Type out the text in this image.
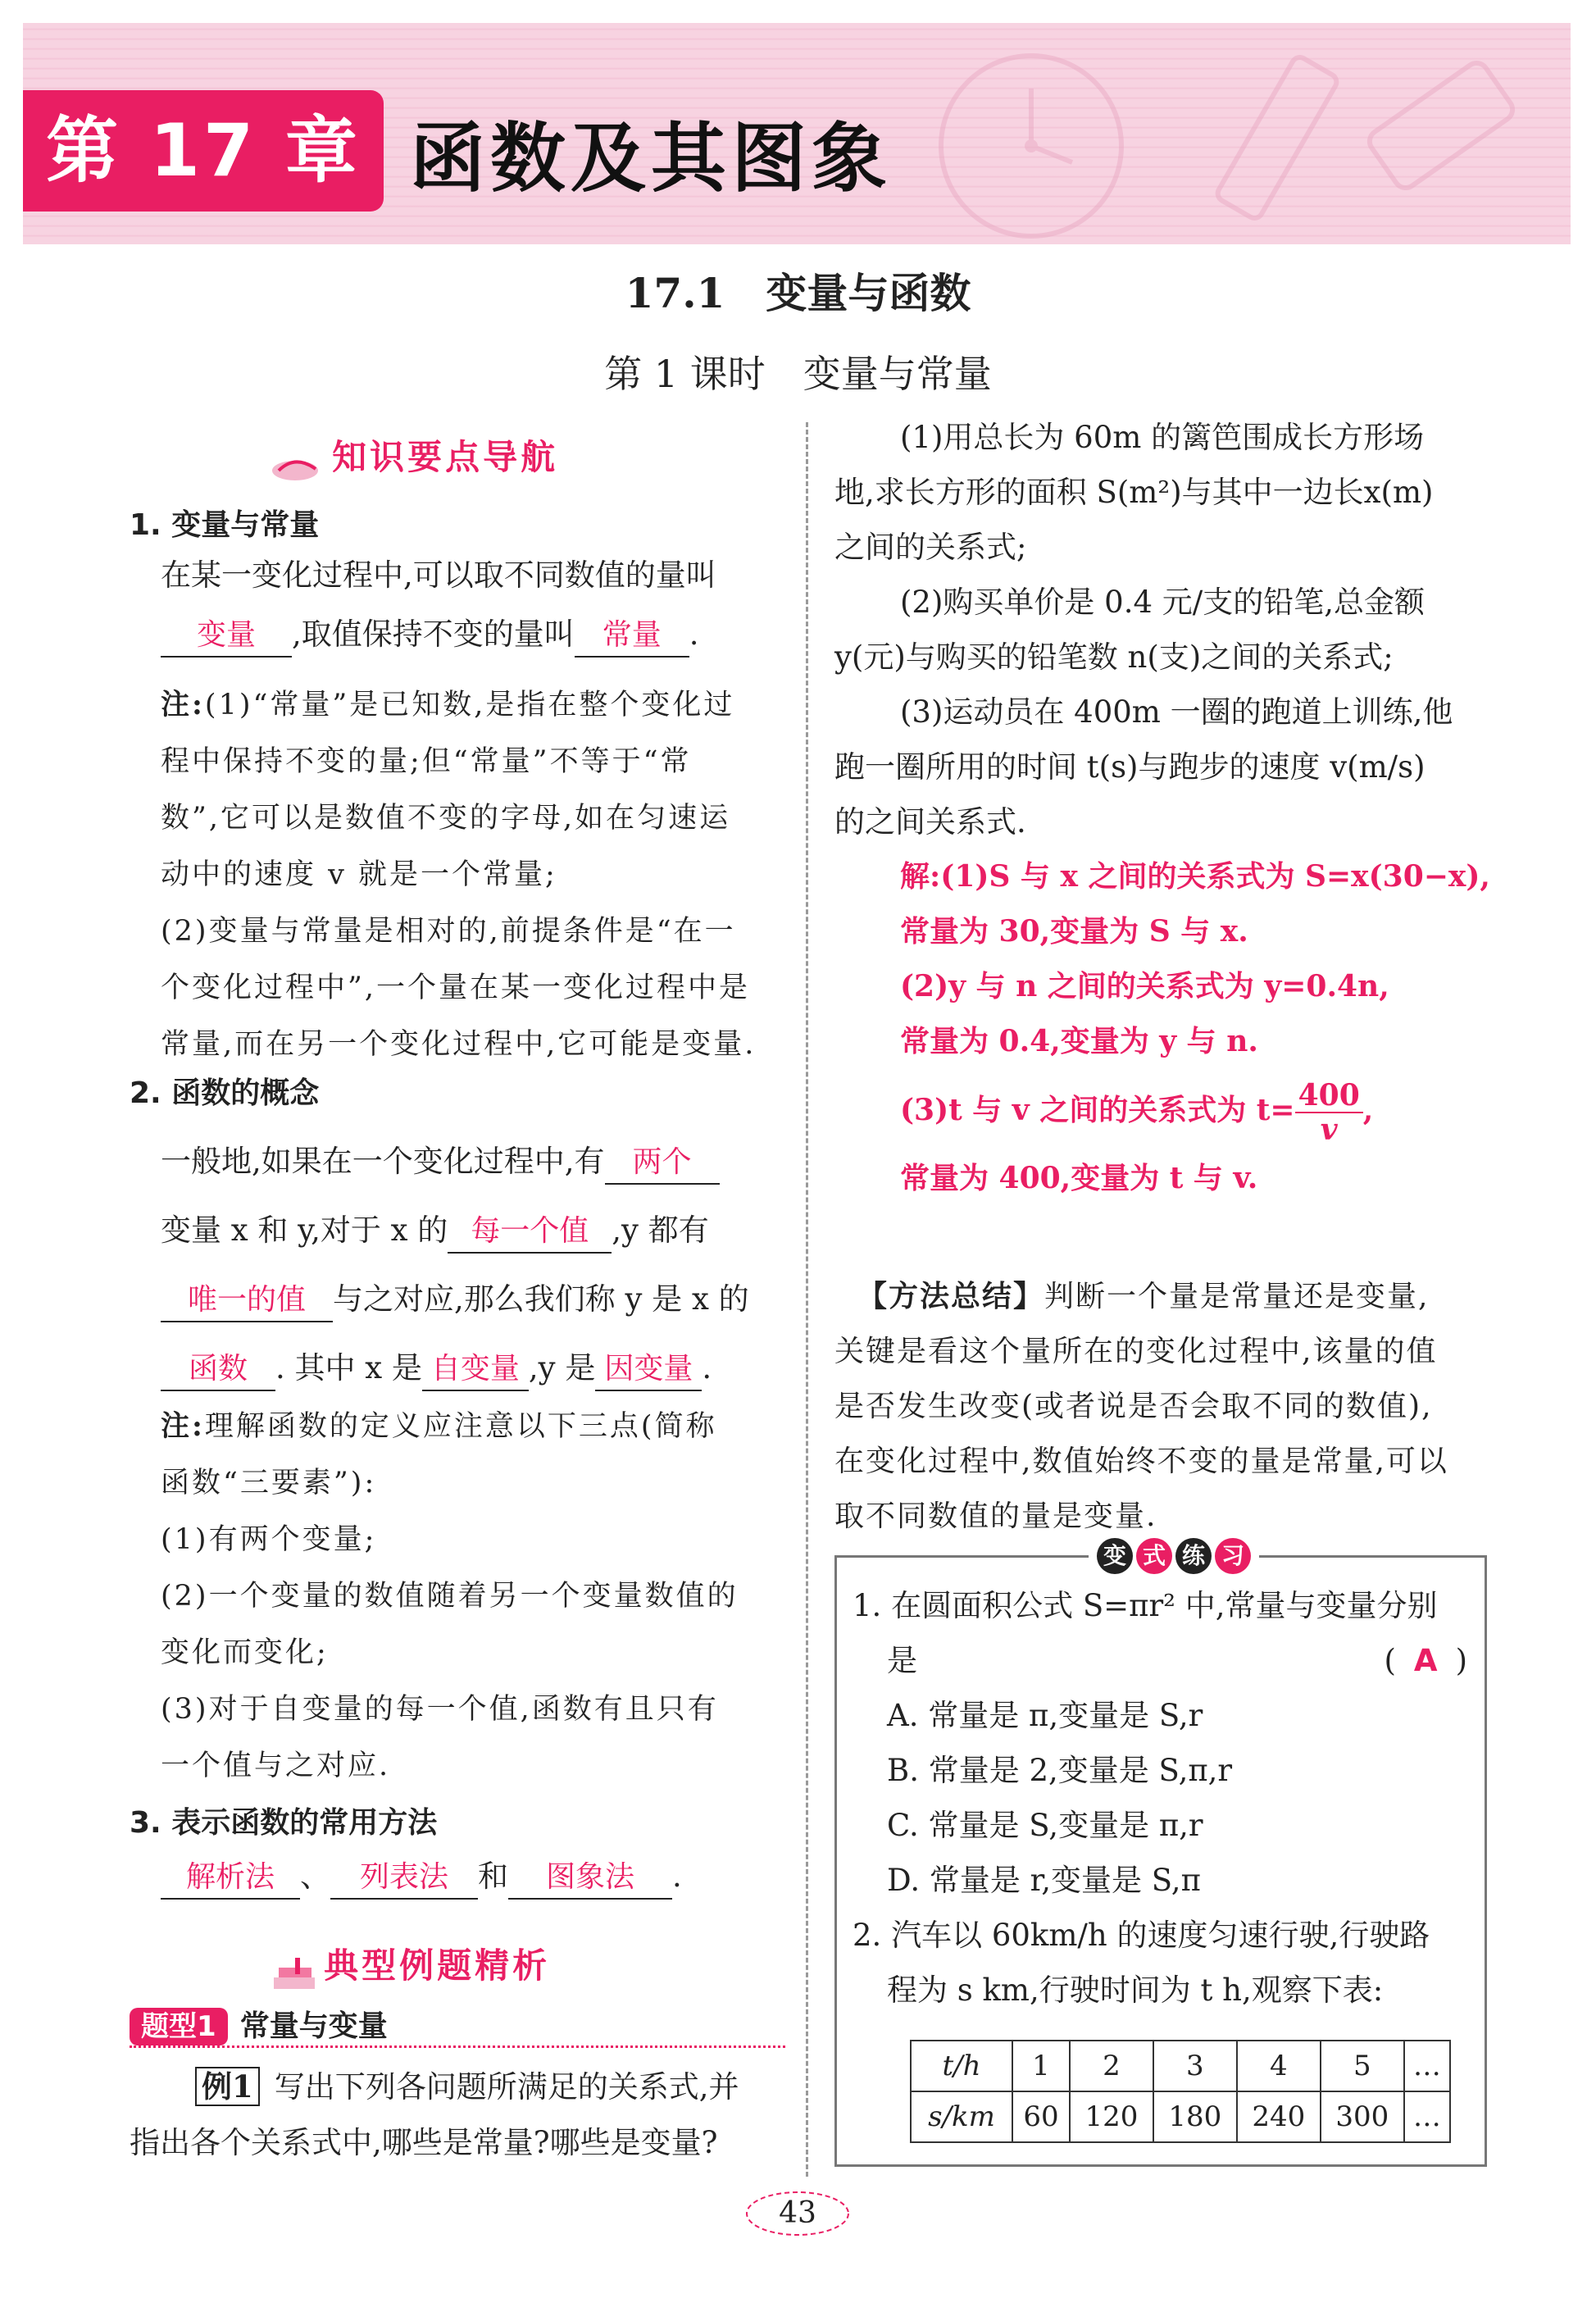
第 17 章 函数及其图象
17.1　变量与函数
第 1 课时　变量与常量
知识要点导航
1. 变量与常量
在某一变化过程中,可以取不同数值的量叫
变量 ,取值保持不变的量叫 常量 .
注:(1)“常量”是已知数,是指在整个变化过
程中保持不变的量;但“常量”不等于“常
数”,它可以是数值不变的字母,如在匀速运
动中的速度 v 就是一个常量;
(2)变量与常量是相对的,前提条件是“在一
个变化过程中”,一个量在某一变化过程中是
常量,而在另一个变化过程中,它可能是变量.
2. 函数的概念
一般地,如果在一个变化过程中,有 两个
变量 x 和 y,对于 x 的 每一个值 ,y 都有
唯一的值 与之对应,那么我们称 y 是 x 的
函数 . 其中 x 是 自变量 ,y 是 因变量 .
注:理解函数的定义应注意以下三点(简称
函数“三要素”):
(1)有两个变量;
(2)一个变量的数值随着另一个变量数值的
变化而变化;
(3)对于自变量的每一个值,函数有且只有
一个值与之对应.
3. 表示函数的常用方法
解析法 、 列表法 和 图象法 .
典型例题精析
题型1 常量与变量
例1 写出下列各问题所满足的关系式,并
指出各个关系式中,哪些是常量?哪些是变量?
(1)用总长为 60m 的篱笆围成长方形场
地,求长方形的面积 S(m²)与其中一边长x(m)
之间的关系式;
(2)购买单价是 0.4 元/支的铅笔,总金额
y(元)与购买的铅笔数 n(支)之间的关系式;
(3)运动员在 400m 一圈的跑道上训练,他
跑一圈所用的时间 t(s)与跑步的速度 v(m/s)
的之间关系式.
解:(1)S 与 x 之间的关系式为 S=x(30−x),
常量为 30,变量为 S 与 x.
(2)y 与 n 之间的关系式为 y=0.4n,
常量为 0.4,变量为 y 与 n.
(3)t 与 v 之间的关系式为 $t= \frac{400}{v}$ ,
常量为 400,变量为 t 与 v.
【方法总结】判断一个量是常量还是变量,
关键是看这个量所在的变化过程中,该量的值
是否发生改变(或者说是否会取不同的数值),
在变化过程中,数值始终不变的量是常量,可以
取不同数值的量是变量.
变 式 练 习
1. 在圆面积公式 S=πr² 中,常量与变量分别
是	( A )
A. 常量是 π,变量是 S,r
B. 常量是 2,变量是 S,π,r
C. 常量是 S,变量是 π,r
D. 常量是 r,变量是 S,π
2. 汽车以 60km/h 的速度匀速行驶,行驶路
程为 s km,行驶时间为 t h,观察下表:
t/h	1	2	3	4	5	…
s/km	60	120	180	240	300	…
43
